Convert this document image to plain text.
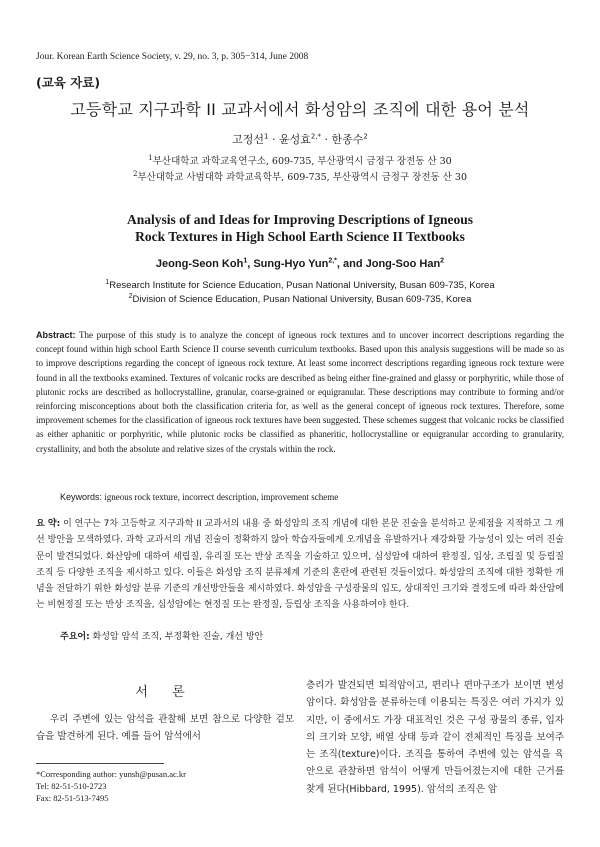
Jour. Korean Earth Science Society, v. 29, no. 3, p. 305−314, June 2008
(교육 자료)
고등학교 지구과학 II 교과서에서 화성암의 조직에 대한 용어 분석
고정선$^1$ · 윤성효$^{2,*}$ · 한종수$^2$
$^1$부산대학교 과학교육연구소, 609-735, 부산광역시 금정구 장전동 산 30
$^2$부산대학교 사범대학 과학교육학부, 609-735, 부산광역시 금정구 장전동 산 30
Analysis of and Ideas for Improving Descriptions of Igneous
Rock Textures in High School Earth Science II Textbooks
Jeong-Seon Koh$^1$, Sung-Hyo Yun$^{2,*}$, and Jong-Soo Han$^2$
$^1$Research Institute for Science Education, Pusan National University, Busan 609-735, Korea
$^2$Division of Science Education, Pusan National University, Busan 609-735, Korea
Abstract: The purpose of this study is to analyze the concept of igneous rock textures and to uncover incorrect descriptions regarding the concept found within high school Earth Science II course seventh curriculum textbooks. Based upon this analysis suggestions will be made so as to improve descriptions regarding the concept of igneous rock texture. At least some incorrect descriptions regarding igneous rock texture were found in all the textbooks examined. Textures of volcanic rocks are described as being either fine-grained and glassy or porphyritic, while those of plutonic rocks are described as hollocrystalline, granular, coarse-grained or equigranular. These descriptions may contribute to forming and/or reinforcing misconceptions about both the classification criteria for, as well as the general concept of igneous rock textures. Therefore, some improvement schemes for the classification of igneous rock textures have been suggested. These schemes suggest that volcanic rocks be classified as either aphanitic or porphyritic, while plutonic rocks be classified as phaneritic, hollocrystalline or equigranular according to granularity, crystallinity, and both the absolute and relative sizes of the crystals within the rock.
Keywords: igneous rock texture, incorrect description, improvement scheme
요 약: 이 연구는 7차 고등학교 지구과학 II 교과서의 내용 중 화성암의 조직 개념에 대한 본문 진술을 분석하고 문제점을 지적하고 그 개선 방안을 모색하였다. 과학 교과서의 개념 진술이 정확하지 않아 학습자들에게 오개념을 유발하거나 재강화할 가능성이 있는 여러 진술문이 발견되었다. 화산암에 대하여 세립질, 유리질 또는 반상 조직을 기술하고 있으며, 심성암에 대하여 완정질, 입상, 조립질 및 등립질 조직 등 다양한 조직을 제시하고 있다. 이들은 화성암 조직 분류체계 기준의 혼란에 관련된 것들이었다. 화성암의 조직에 대한 정확한 개념을 전달하기 위한 화성암 분류 기준의 개선방안들을 제시하였다. 화성암을 구성광물의 입도, 상대적인 크기와 결정도에 따라 화산암에는 비현정질 또는 반상 조직을, 심성암에는 현정질 또는 완정질, 등립상 조직을 사용하여야 한다.
주요어: 화성암 암석 조직, 부정확한 진술, 개선 방안
서 론
우리 주변에 있는 암석을 관찰해 보면 참으로 다양한 겉모습을 발견하게 된다. 예를 들어 암석에서
*Corresponding author: yunsh@pusan.ac.kr
Tel: 82-51-510-2723
Fax: 82-51-513-7495
층리가 발견되면 퇴적암이고, 편리나 편마구조가 보이면 변성암이다. 화성암을 분류하는데 이용되는 특징은 여러 가지가 있지만, 이 중에서도 가장 대표적인 것은 구성 광물의 종류, 입자의 크기와 모양, 배열 상태 등과 같이 전체적인 특징을 보여주는 조직(texture)이다. 조직을 통하여 주변에 있는 암석을 육안으로 관찰하면 암석이 어떻게 만들어졌는지에 대한 근거를 찾게 된다(Hibbard, 1995). 암석의 조직은 암
